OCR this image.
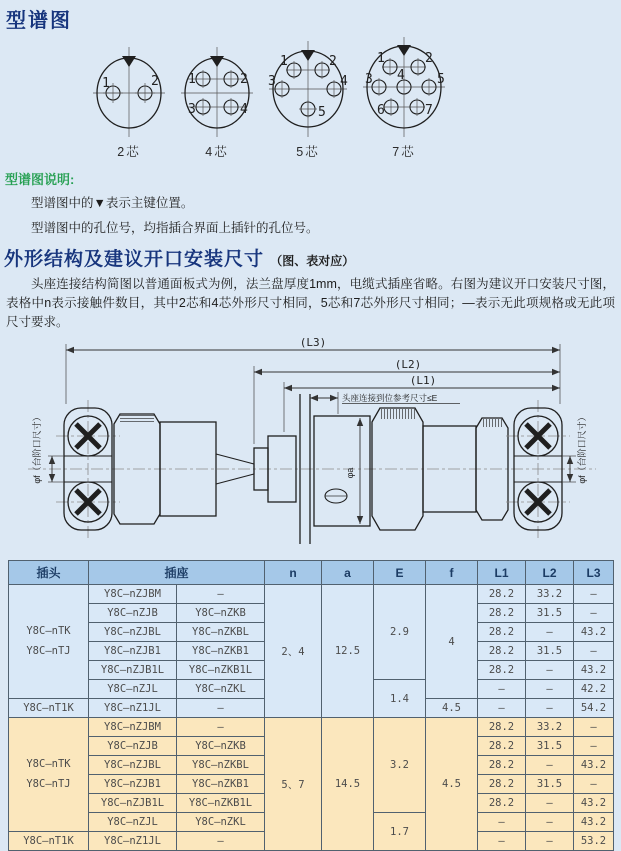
型谱图
1	2
2芯
1	2
3	4
4芯
1	2
3	4
5
5芯
1	2
3 4 5
6	7
7芯
型谱图说明:
型谱图中的▼表示主键位置。
型谱图中的孔位号，均指插合界面上插针的孔位号。
外形结构及建议开口安装尺寸 （图、表对应）
头座连接结构简图以普通面板式为例，法兰盘厚度1mm，电缆式插座省略。右图为建议开口安装尺寸图，表格中n表示接触件数目，其中2芯和4芯外形尺寸相同，5芯和7芯外形尺寸相同；—表示无此项规格或无此项尺寸要求。
(L3)
(L2)
(L1)
头座连接到位参考尺寸≤E
φf（台阶口尺寸）	φf（台阶口尺寸）
φa
插头	插座		n	a	E	f	L1	L2	L3

Y8C—nTK
Y8C—nTJ	Y8C—nZJBM	—	2、4	12.5	2.9	4	28.2	33.2	—
	Y8C—nZJB	Y8C—nZKB					28.2	31.5	—
	Y8C—nZJBL	Y8C—nZKBL					28.2	—	43.2
	Y8C—nZJB1	Y8C—nZKB1					28.2	31.5	—
	Y8C—nZJB1L	Y8C—nZKB1L					28.2	—	43.2
	Y8C—nZJL	Y8C—nZKL			1.4		—	—	42.2
Y8C—nT1K	Y8C—nZ1JL	—				4.5	—	—	54.2

Y8C—nTK
Y8C—nTJ	Y8C—nZJBM	—	5、7	14.5	3.2	4.5	28.2	33.2	—
	Y8C—nZJB	Y8C—nZKB					28.2	31.5	—
	Y8C—nZJBL	Y8C—nZKBL					28.2	—	43.2
	Y8C—nZJB1	Y8C—nZKB1					28.2	31.5	—
	Y8C—nZJB1L	Y8C—nZKB1L					28.2	—	43.2
	Y8C—nZJL	Y8C—nZKL			1.7		—	—	43.2
Y8C—nT1K	Y8C—nZ1JL	—					—	—	53.2
